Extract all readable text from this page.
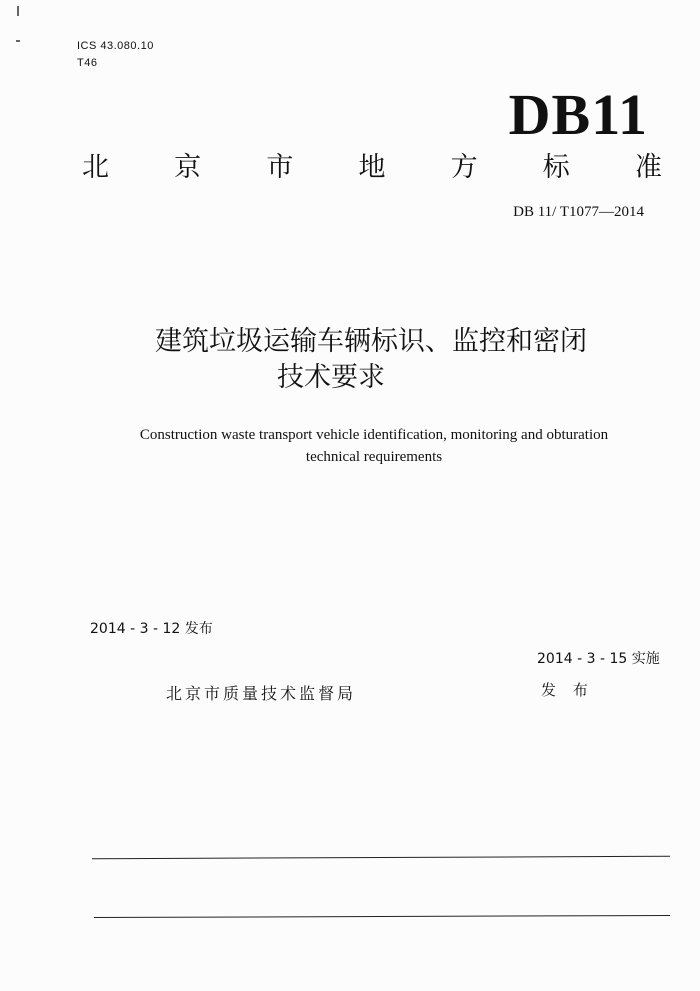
ICS 43.080.10
T46
DB11
北 京 市 地 方 标 准
DB 11/ T1077—2014
建筑垃圾运输车辆标识、监控和密闭
技术要求
Construction waste transport vehicle identification, monitoring and obturation
technical requirements
2014 - 3 - 12 发布
2014 - 3 - 15 实施
北京市质量技术监督局	发 布
